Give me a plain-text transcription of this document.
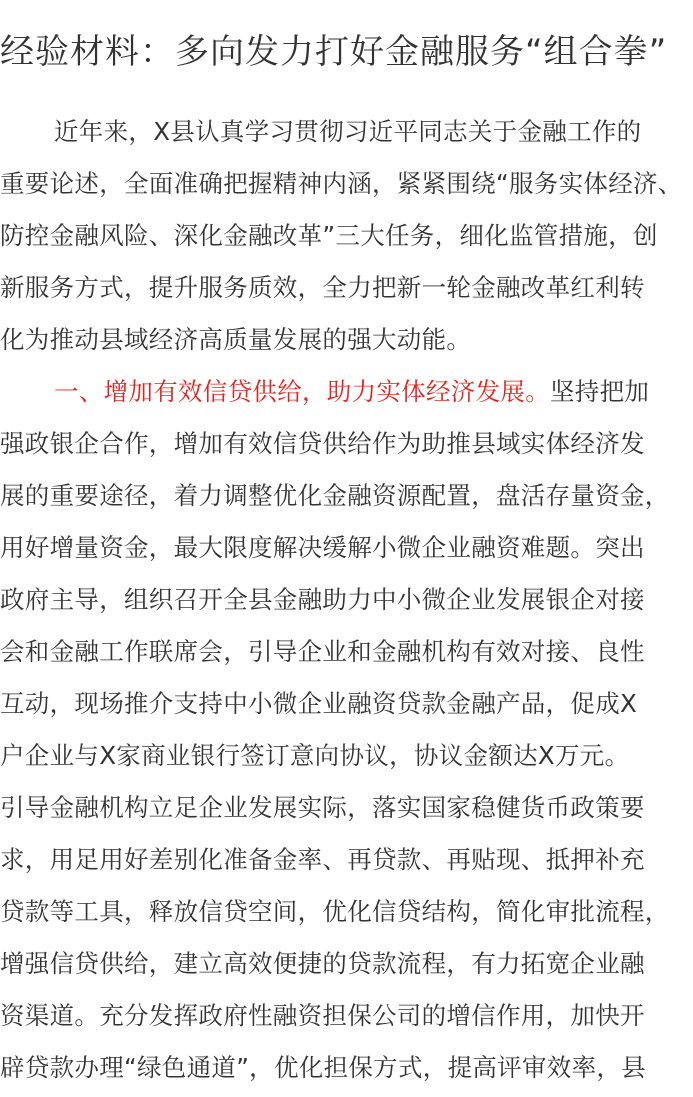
经验材料：多向发力打好金融服务“组合拳”
近年来，X县认真学习贯彻习近平同志关于金融工作的
重要论述，全面准确把握精神内涵，紧紧围绕“服务实体经济、
防控金融风险、深化金融改革”三大任务，细化监管措施，创
新服务方式，提升服务质效，全力把新一轮金融改革红利转
化为推动县域经济高质量发展的强大动能。
一、增加有效信贷供给，助力实体经济发展。坚持把加
强政银企合作，增加有效信贷供给作为助推县域实体经济发
展的重要途径，着力调整优化金融资源配置，盘活存量资金，
用好增量资金，最大限度解决缓解小微企业融资难题。突出
政府主导，组织召开全县金融助力中小微企业发展银企对接
会和金融工作联席会，引导企业和金融机构有效对接、良性
互动，现场推介支持中小微企业融资贷款金融产品，促成X
户企业与X家商业银行签订意向协议，协议金额达X万元。
引导金融机构立足企业发展实际，落实国家稳健货币政策要
求，用足用好差别化准备金率、再贷款、再贴现、抵押补充
贷款等工具，释放信贷空间，优化信贷结构，简化审批流程，
增强信贷供给，建立高效便捷的贷款流程，有力拓宽企业融
资渠道。充分发挥政府性融资担保公司的增信作用，加快开
辟贷款办理“绿色通道”，优化担保方式，提高评审效率，县
